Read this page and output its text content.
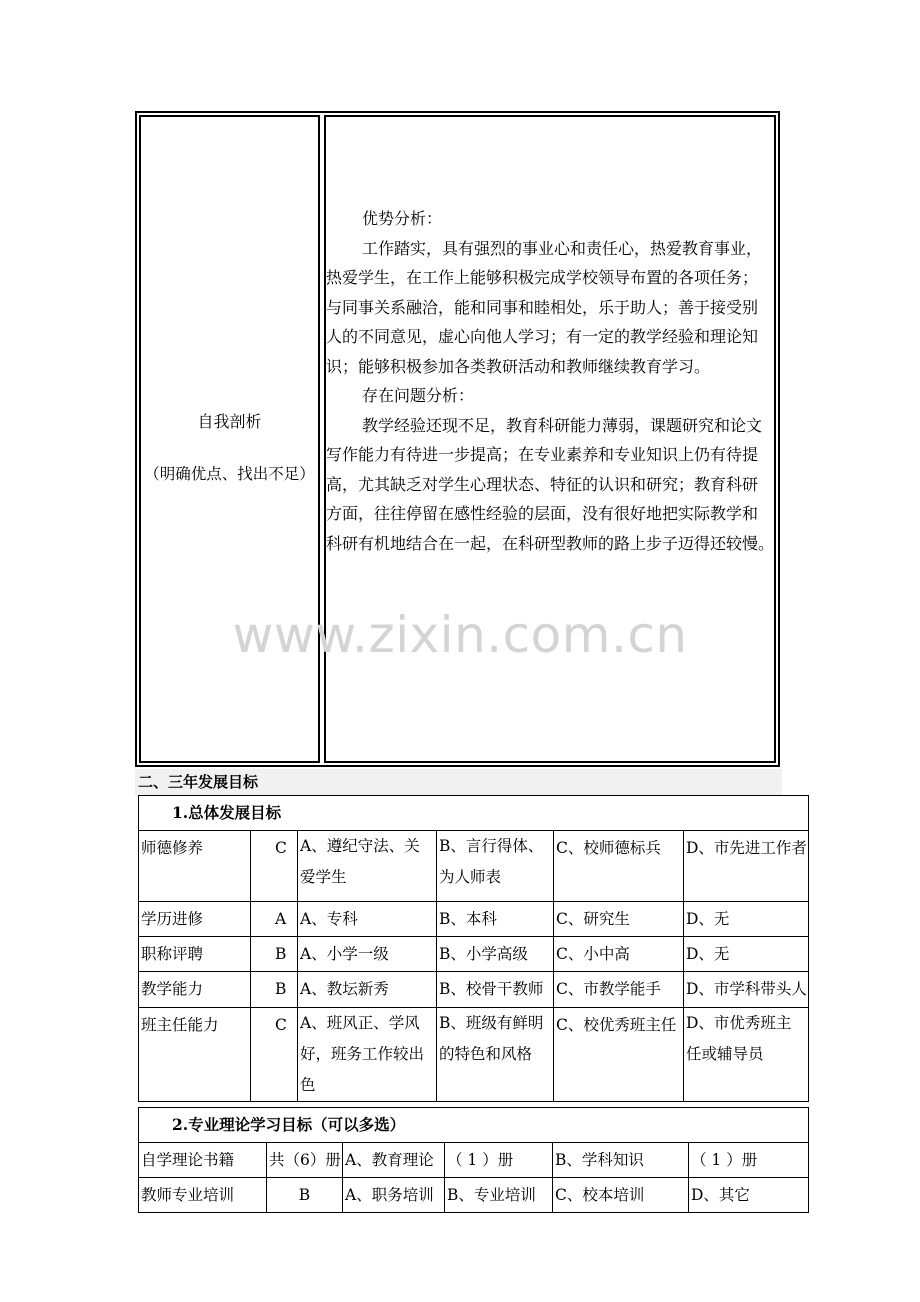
自我剖析
（明确优点、找出不足）

优势分析：

工作踏实，具有强烈的事业心和责任心，热爱教育事业，

热爱学生，在工作上能够积极完成学校领导布置的各项任务；

与同事关系融洽，能和同事和睦相处，乐于助人；善于接受别

人的不同意见，虚心向他人学习；有一定的教学经验和理论知

识；能够积极参加各类教研活动和教师继续教育学习。

存在问题分析：

教学经验还现不足，教育科研能力薄弱，课题研究和论文

写作能力有待进一步提高；在专业素养和专业知识上仍有待提

高，尤其缺乏对学生心理状态、特征的认识和研究；教育科研

方面，往往停留在感性经验的层面，没有很好地把实际教学和

科研有机地结合在一起，在科研型教师的路上步子迈得还较慢。

www.zixin.com.cn
二、三年发展目标
1.总体发展目标					
师德修养	C	A、遵纪守法、关爱学生	B、言行得体、为人师表	C、校师德标兵	D、市先进工作者
学历进修	A	A、专科	B、本科	C、研究生	D、无
职称评聘	B	A、小学一级	B、小学高级	C、小中高	D、无
教学能力	B	A、教坛新秀	B、校骨干教师	C、市教学能手	D、市学科带头人
班主任能力	C	A、班风正、学风好，班务工作较出色	B、班级有鲜明的特色和风格	C、校优秀班主任	D、市优秀班主任或辅导员
2.专业理论学习目标（可以多选）					
自学理论书籍	共（6）册	A、教育理论	（ 1 ）册	B、学科知识	（ 1 ）册
教师专业培训	B	A、职务培训	B、专业培训	C、校本培训	D、其它
